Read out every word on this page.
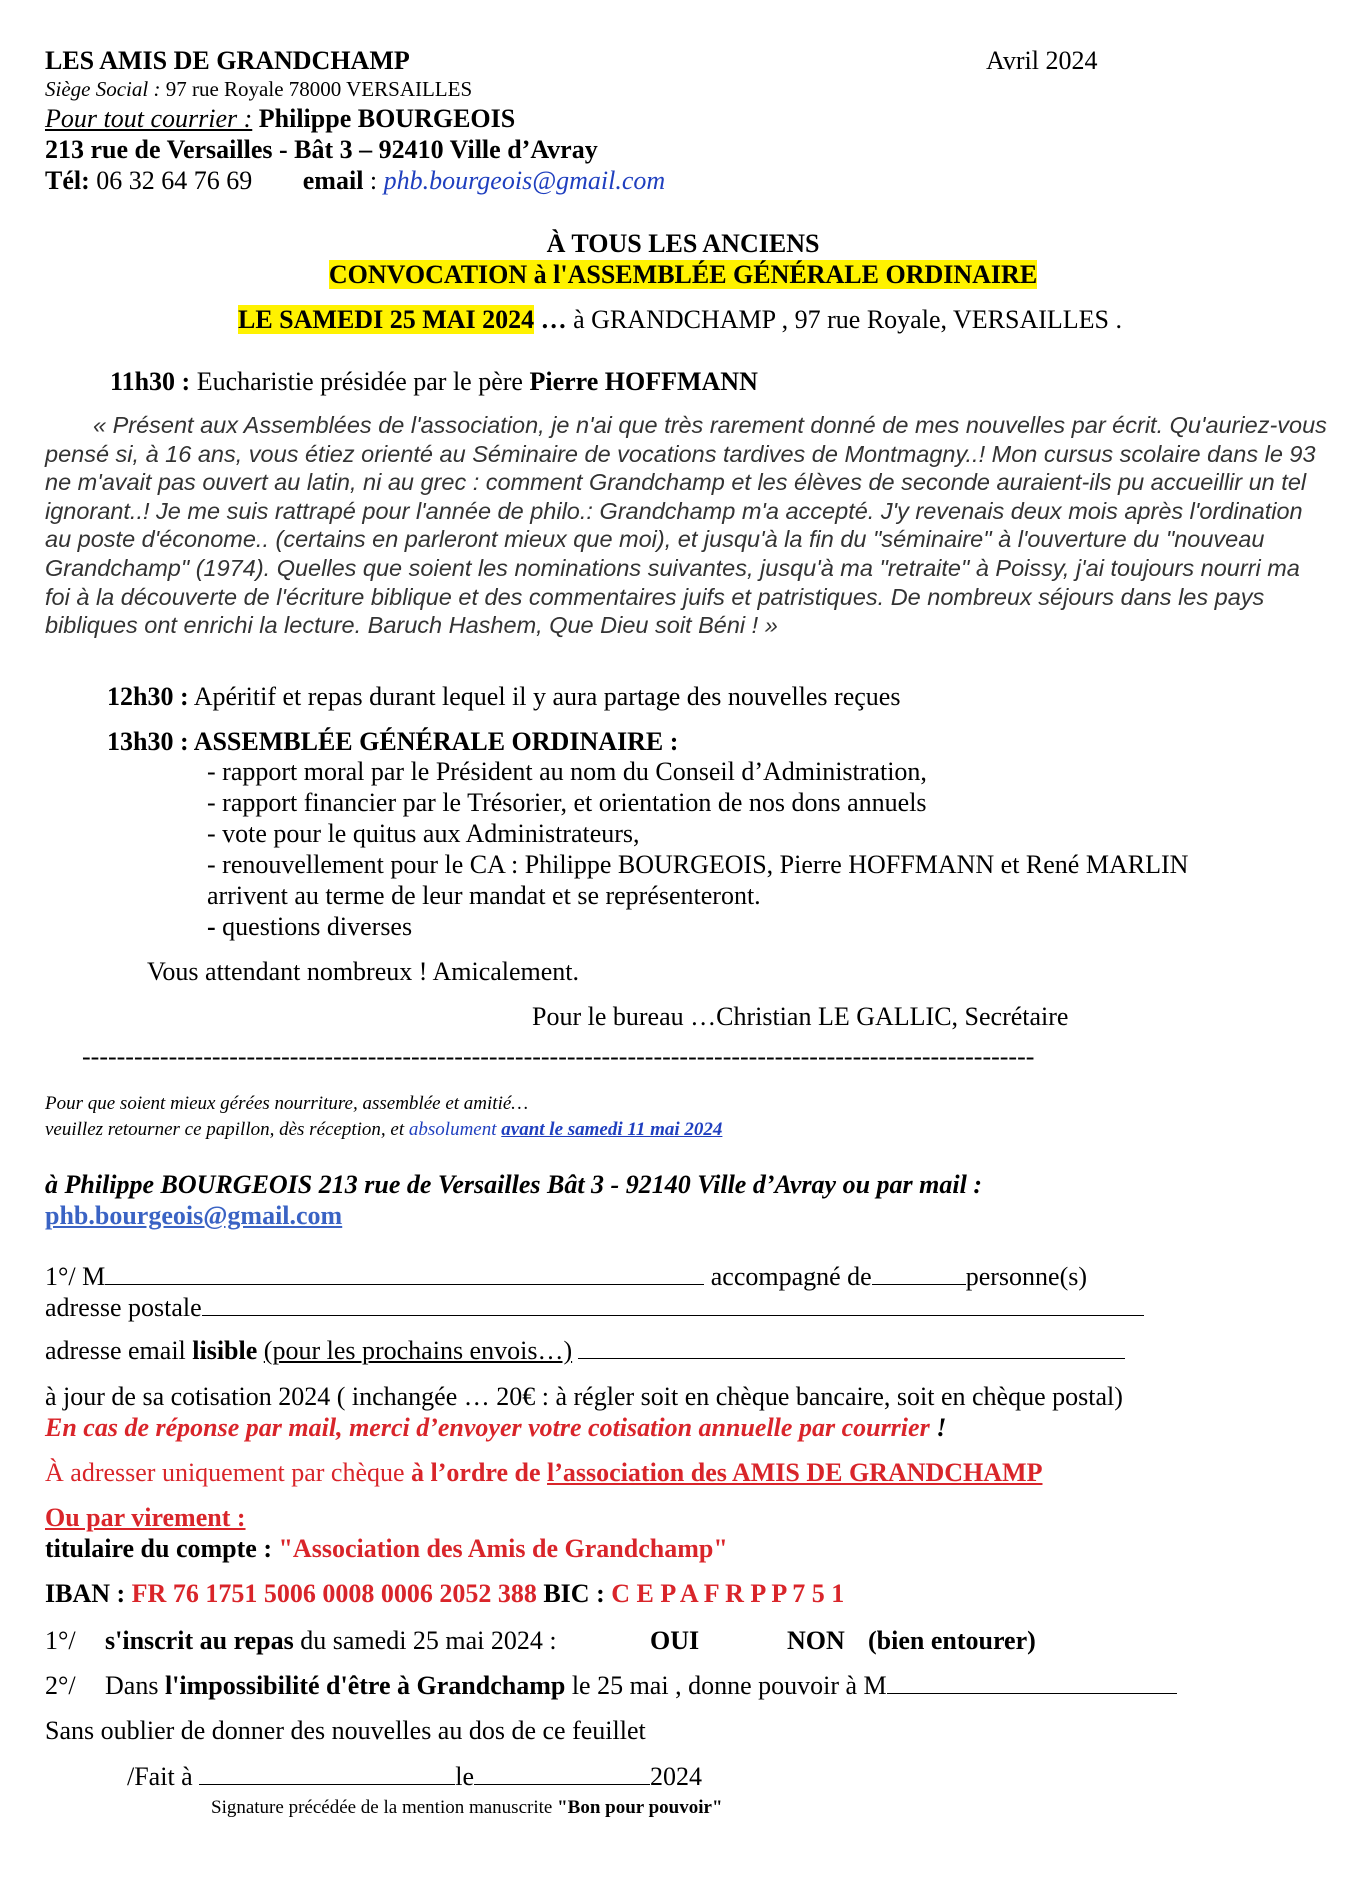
LES AMIS DE GRANDCHAMP	Avril 2024
Siège Social : 97 rue Royale 78000 VERSAILLES
Pour tout courrier : Philippe BOURGEOIS
213 rue de Versailles - Bât 3 – 92410 Ville d’Avray
Tél: 06 32 64 76 69 email : phb.bourgeois@gmail.com
À TOUS LES ANCIENS
CONVOCATION à l'ASSEMBLÉE GÉNÉRALE ORDINAIRE
LE SAMEDI 25 MAI 2024 … à GRANDCHAMP , 97 rue Royale, VERSAILLES .
11h30 : Eucharistie présidée par le père Pierre HOFFMANN
« Présent aux Assemblées de l'association, je n'ai que très rarement donné de mes nouvelles par écrit. Qu'auriez-vous pensé si, à 16 ans, vous étiez orienté au Séminaire de vocations tardives de Montmagny..! Mon cursus scolaire dans le 93 ne m'avait pas ouvert au latin, ni au grec : comment Grandchamp et les élèves de seconde auraient-ils pu accueillir un tel ignorant..! Je me suis rattrapé pour l'année de philo.: Grandchamp m'a accepté. J'y revenais deux mois après l'ordination au poste d'économe.. (certains en parleront mieux que moi), et jusqu'à la fin du "séminaire" à l'ouverture du "nouveau Grandchamp" (1974). Quelles que soient les nominations suivantes, jusqu'à ma "retraite" à Poissy, j'ai toujours nourri ma foi à la découverte de l'écriture biblique et des commentaires juifs et patristiques. De nombreux séjours dans les pays bibliques ont enrichi la lecture. Baruch Hashem, Que Dieu soit Béni ! »
12h30 : Apéritif et repas durant lequel il y aura partage des nouvelles reçues
13h30 : ASSEMBLÉE GÉNÉRALE ORDINAIRE :
- rapport moral par le Président au nom du Conseil d’Administration,
- rapport financier par le Trésorier, et orientation de nos dons annuels
- vote pour le quitus aux Administrateurs,
- renouvellement pour le CA : Philippe BOURGEOIS, Pierre HOFFMANN et René MARLIN
arrivent au terme de leur mandat et se représenteront.
- questions diverses
Vous attendant nombreux ! Amicalement.
Pour le bureau …Christian LE GALLIC, Secrétaire
--------------------------------------------------------------------------------------------------------------
Pour que soient mieux gérées nourriture, assemblée et amitié…
veuillez retourner ce papillon, dès réception, et absolument avant le samedi 11 mai 2024
à Philippe BOURGEOIS 213 rue de Versailles Bât 3 - 92140 Ville d’Avray ou par mail :
phb.bourgeois@gmail.com
1°/ M	accompagné de	personne(s)
adresse postale
adresse email lisible (pour les prochains envois…)
à jour de sa cotisation 2024 ( inchangée … 20€ : à régler soit en chèque bancaire, soit en chèque postal)
En cas de réponse par mail, merci d’envoyer votre cotisation annuelle par courrier !
À adresser uniquement par chèque à l’ordre de l’association des AMIS DE GRANDCHAMP
Ou par virement :
titulaire du compte : "Association des Amis de Grandchamp"
IBAN : FR 76 1751 5006 0008 0006 2052 388 BIC : C E P A F R P P 7 5 1
1°/ s'inscrit au repas du samedi 25 mai 2024 :	OUI	NON (bien entourer)
2°/ Dans l'impossibilité d'être à Grandchamp le 25 mai , donne pouvoir à M
Sans oublier de donner des nouvelles au dos de ce feuillet
/Fait à	le	2024
Signature précédée de la mention manuscrite "Bon pour pouvoir"
